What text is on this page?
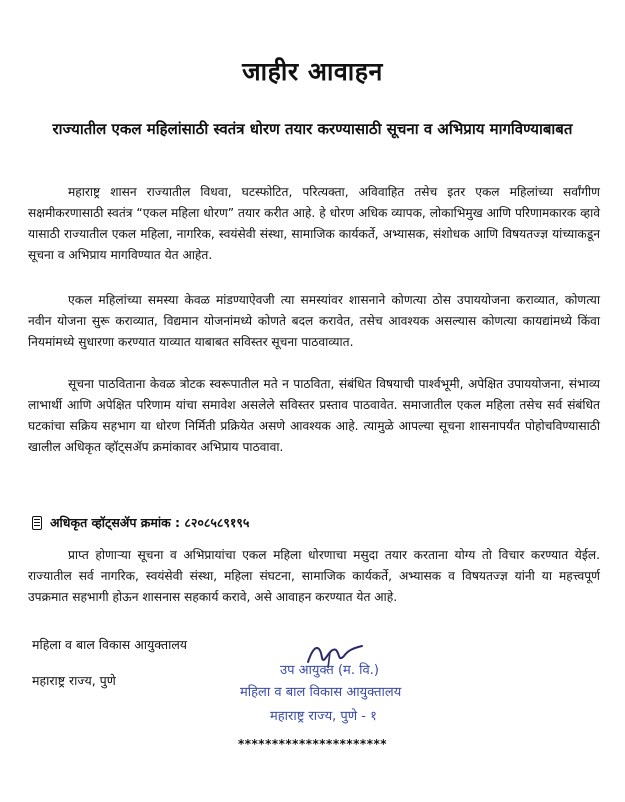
जाहीर आवाहन
राज्यातील एकल महिलांसाठी स्वतंत्र धोरण तयार करण्यासाठी सूचना व अभिप्राय मागविण्याबाबत
महाराष्ट्र शासन राज्यातील विधवा, घटस्फोटित, परित्यक्ता, अविवाहित तसेच इतर एकल महिलांच्या सर्वांगीण सक्षमीकरणासाठी स्वतंत्र “एकल महिला धोरण” तयार करीत आहे. हे धोरण अधिक व्यापक, लोकाभिमुख आणि परिणामकारक व्हावे यासाठी राज्यातील एकल महिला, नागरिक, स्वयंसेवी संस्था, सामाजिक कार्यकर्ते, अभ्यासक, संशोधक आणि विषयतज्ज्ञ यांच्याकडून सूचना व अभिप्राय मागविण्यात येत आहेत.
एकल महिलांच्या समस्या केवळ मांडण्याऐवजी त्या समस्यांवर शासनाने कोणत्या ठोस उपाययोजना कराव्यात, कोणत्या नवीन योजना सुरू कराव्यात, विद्यमान योजनांमध्ये कोणते बदल करावेत, तसेच आवश्यक असल्यास कोणत्या कायद्यांमध्ये किंवा नियमांमध्ये सुधारणा करण्यात याव्यात याबाबत सविस्तर सूचना पाठवाव्यात.
सूचना पाठविताना केवळ त्रोटक स्वरूपातील मते न पाठविता, संबंधित विषयाची पार्श्वभूमी, अपेक्षित उपाययोजना, संभाव्य लाभार्थी आणि अपेक्षित परिणाम यांचा समावेश असलेले सविस्तर प्रस्ताव पाठवावेत. समाजातील एकल महिला तसेच सर्व संबंधित घटकांचा सक्रिय सहभाग या धोरण निर्मिती प्रक्रियेत असणे आवश्यक आहे. त्यामुळे आपल्या सूचना शासनापर्यंत पोहोचविण्यासाठी खालील अधिकृत व्हॉट्सॲप क्रमांकावर अभिप्राय पाठवावा.
अधिकृत व्हॉट्सॲप क्रमांक : ८२०८५८९१९५
प्राप्त होणाऱ्या सूचना व अभिप्रायांचा एकल महिला धोरणाचा मसुदा तयार करताना योग्य तो विचार करण्यात येईल. राज्यातील सर्व नागरिक, स्वयंसेवी संस्था, महिला संघटना, सामाजिक कार्यकर्ते, अभ्यासक व विषयतज्ज्ञ यांनी या महत्त्वपूर्ण उपक्रमात सहभागी होऊन शासनास सहकार्य करावे, असे आवाहन करण्यात येत आहे.
महिला व बाल विकास आयुक्तालय
महाराष्ट्र राज्य, पुणे
उप आयुक्त (म. वि.)
महिला व बाल विकास आयुक्तालय
महाराष्ट्र राज्य, पुणे - १
**********************
